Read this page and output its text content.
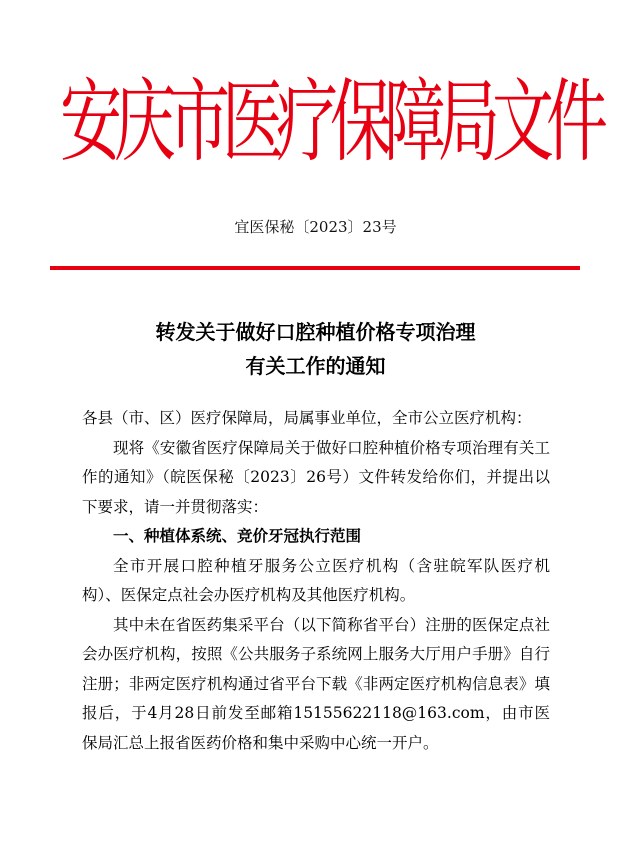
安庆市医疗保障局文件
宜医保秘〔2023〕23号
转发关于做好口腔种植价格专项治理
有关工作的通知

各县（市、区）医疗保障局，局属事业单位，全市公立医疗机构：

现将《安徽省医疗保障局关于做好口腔种植价格专项治理有关工作的通知》（皖医保秘〔2023〕26号）文件转发给你们，并提出以下要求，请一并贯彻落实：

一、种植体系统、竞价牙冠执行范围

全市开展口腔种植牙服务公立医疗机构（含驻皖军队医疗机构）、医保定点社会办医疗机构及其他医疗机构。

其中未在省医药集采平台（以下简称省平台）注册的医保定点社会办医疗机构，按照《公共服务子系统网上服务大厅用户手册》自行注册；非两定医疗机构通过省平台下载《非两定医疗机构信息表》填报后，于4月28日前发至邮箱15155622118@163.com，由市医保局汇总上报省医药价格和集中采购中心统一开户。
